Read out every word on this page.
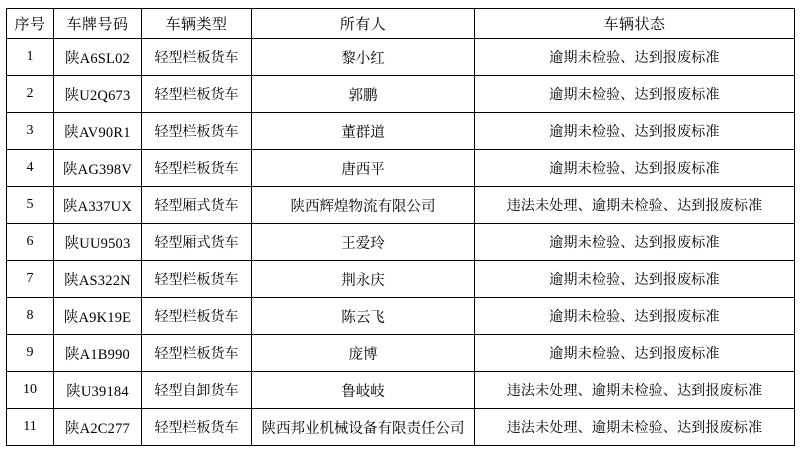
序号	车牌号码	车辆类型	所有人	车辆状态
1	陕A6SL02	轻型栏板货车	黎小红	逾期未检验、达到报废标准
2	陕U2Q673	轻型栏板货车	郭鹏	逾期未检验、达到报废标准
3	陕AV90R1	轻型栏板货车	董群道	逾期未检验、达到报废标准
4	陕AG398V	轻型栏板货车	唐西平	逾期未检验、达到报废标准
5	陕A337UX	轻型厢式货车	陕西辉煌物流有限公司	违法未处理、逾期未检验、达到报废标准
6	陕UU9503	轻型厢式货车	王爱玲	逾期未检验、达到报废标准
7	陕AS322N	轻型栏板货车	荆永庆	逾期未检验、达到报废标准
8	陕A9K19E	轻型栏板货车	陈云飞	逾期未检验、达到报废标准
9	陕A1B990	轻型栏板货车	庞博	逾期未检验、达到报废标准
10	陕U39184	轻型自卸货车	鲁岐岐	违法未处理、逾期未检验、达到报废标准
11	陕A2C277	轻型栏板货车	陕西邦业机械设备有限责任公司	违法未处理、逾期未检验、达到报废标准
